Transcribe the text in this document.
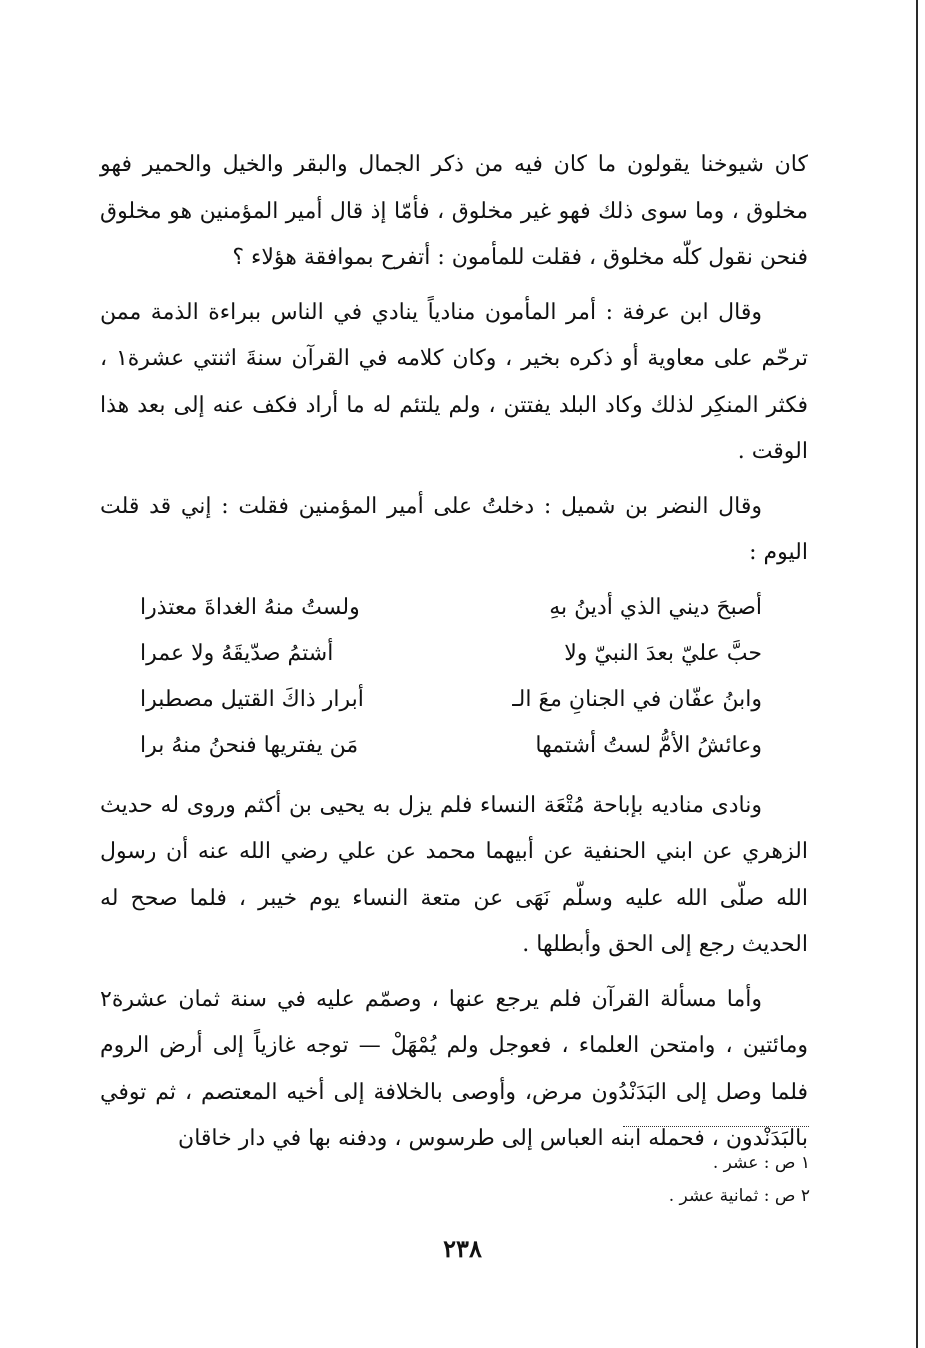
كان شيوخنا يقولون ما كان فيه من ذكر الجمال والبقر والخيل والحمير فهو مخلوق ، وما سوى ذلك فهو غير مخلوق ، فأمّا إذ قال أمير المؤمنين هو مخلوق فنحن نقول كلّه مخلوق ، فقلت للمأمون : أتفرح بموافقة هؤلاء ؟

وقال ابن عرفة : أمر المأمون منادياً ينادي في الناس ببراءة الذمة ممن ترحّم على معاوية أو ذكره بخير ، وكان كلامه في القرآن سنةَ اثنتي عشرة١ ، فكثر المنكِر لذلك وكاد البلد يفتتن ، ولم يلتئم له ما أراد فكف عنه إلى بعد هذا الوقت .

وقال النضر بن شميل : دخلتُ على أمير المؤمنين فقلت : إني قد قلت اليوم :

أصبحَ ديني الذي أدينُ بهِ
ولستُ منهُ الغداةَ معتذرا
حبَّ عليّ بعدَ النبيّ ولا
أشتمُ صدّيقَهُ ولا عمرا
وابنُ عفّان في الجنانِ معَ الـ
أبرار ذاكَ القتيل مصطبرا
وعائشُ الأمُّ لستُ أشتمها
مَن يفتريها فنحنُ منهُ برا

ونادى مناديه بإباحة مُتْعَة النساء فلم يزل به يحيى بن أكثم وروى له حديث الزهري عن ابني الحنفية عن أبيهما محمد عن علي رضي الله عنه أن رسول الله صلّى الله عليه وسلّم نَهَى عن متعة النساء يوم خيبر ، فلما صحح له الحديث رجع إلى الحق وأبطلها .

وأما مسألة القرآن فلم يرجع عنها ، وصمّم عليه في سنة ثمان عشرة٢ ومائتين ، وامتحن العلماء ، فعوجل ولم يُمْهَلْ — توجه غازياً إلى أرض الروم فلما وصل إلى البَدَنْدُون مرض، وأوصى بالخلافة إلى أخيه المعتصم ، ثم توفي بالبَدَنْدون ، فحمله ابنه العباس إلى طرسوس ، ودفنه بها في دار خاقان

١ ص : عشر .

٢ ص : ثمانية عشر .

٢٣٨
